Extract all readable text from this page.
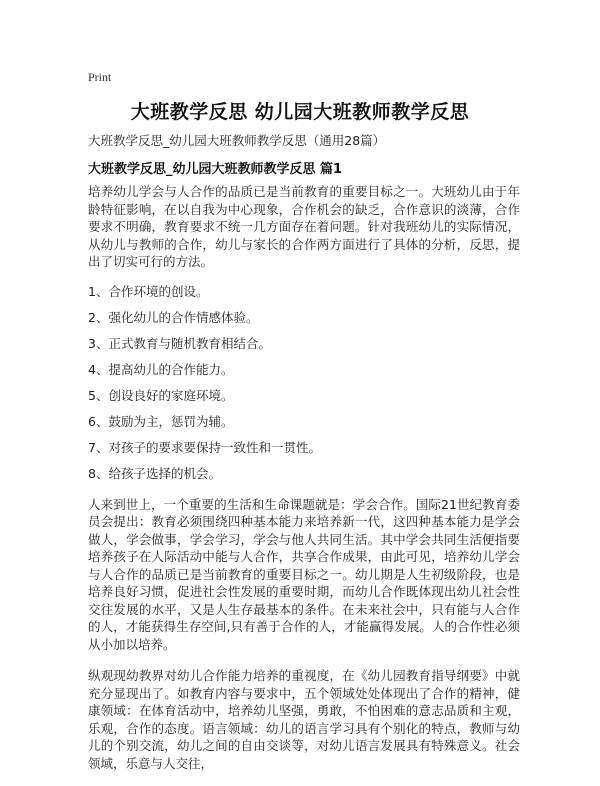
Print
大班教学反思 幼儿园大班教师教学反思
大班教学反思_幼儿园大班教师教学反思（通用28篇）
大班教学反思_幼儿园大班教师教学反思 篇1

培养幼儿学会与人合作的品质已是当前教育的重要目标之一。大班幼儿由于年龄特征影响，在以自我为中心现象，合作机会的缺乏，合作意识的淡薄，合作要求不明确，教育要求不统一几方面存在着问题。针对我班幼儿的实际情况，从幼儿与教师的合作，幼儿与家长的合作两方面进行了具体的分析，反思，提出了切实可行的方法。

1、合作环境的创设。
2、强化幼儿的合作情感体验。
3、正式教育与随机教育相结合。
4、提高幼儿的合作能力。
5、创设良好的家庭环境。
6、鼓励为主，惩罚为辅。
7、对孩子的要求要保持一致性和一贯性。
8、给孩子选择的机会。

人来到世上，一个重要的生活和生命课题就是：学会合作。国际21世纪教育委员会提出：教育必须围绕四种基本能力来培养新一代，这四种基本能力是学会做人，学会做事，学会学习，学会与他人共同生活。其中学会共同生活便指要培养孩子在人际活动中能与人合作，共享合作成果，由此可见，培养幼儿学会与人合作的品质已是当前教育的重要目标之一。幼儿期是人生初级阶段，也是培养良好习惯，促进社会性发展的重要时期，而幼儿合作既体现出幼儿社会性交往发展的水平，又是人生存最基本的条件。在未来社会中，只有能与人合作的人，才能获得生存空间,只有善于合作的人，才能赢得发展。人的合作性必须从小加以培养。

纵观现幼教界对幼儿合作能力培养的重视度，在《幼儿园教育指导纲要》中就充分显现出了。如教育内容与要求中，五个领域处处体现出了合作的精神，健康领域：在体育活动中，培养幼儿坚强，勇敢，不怕困难的意志品质和主观，乐观，合作的态度。语言领域：幼儿的语言学习具有个别化的特点，教师与幼儿的个别交流，幼儿之间的自由交谈等，对幼儿语言发展具有特殊意义。社会领域，乐意与人交往，
